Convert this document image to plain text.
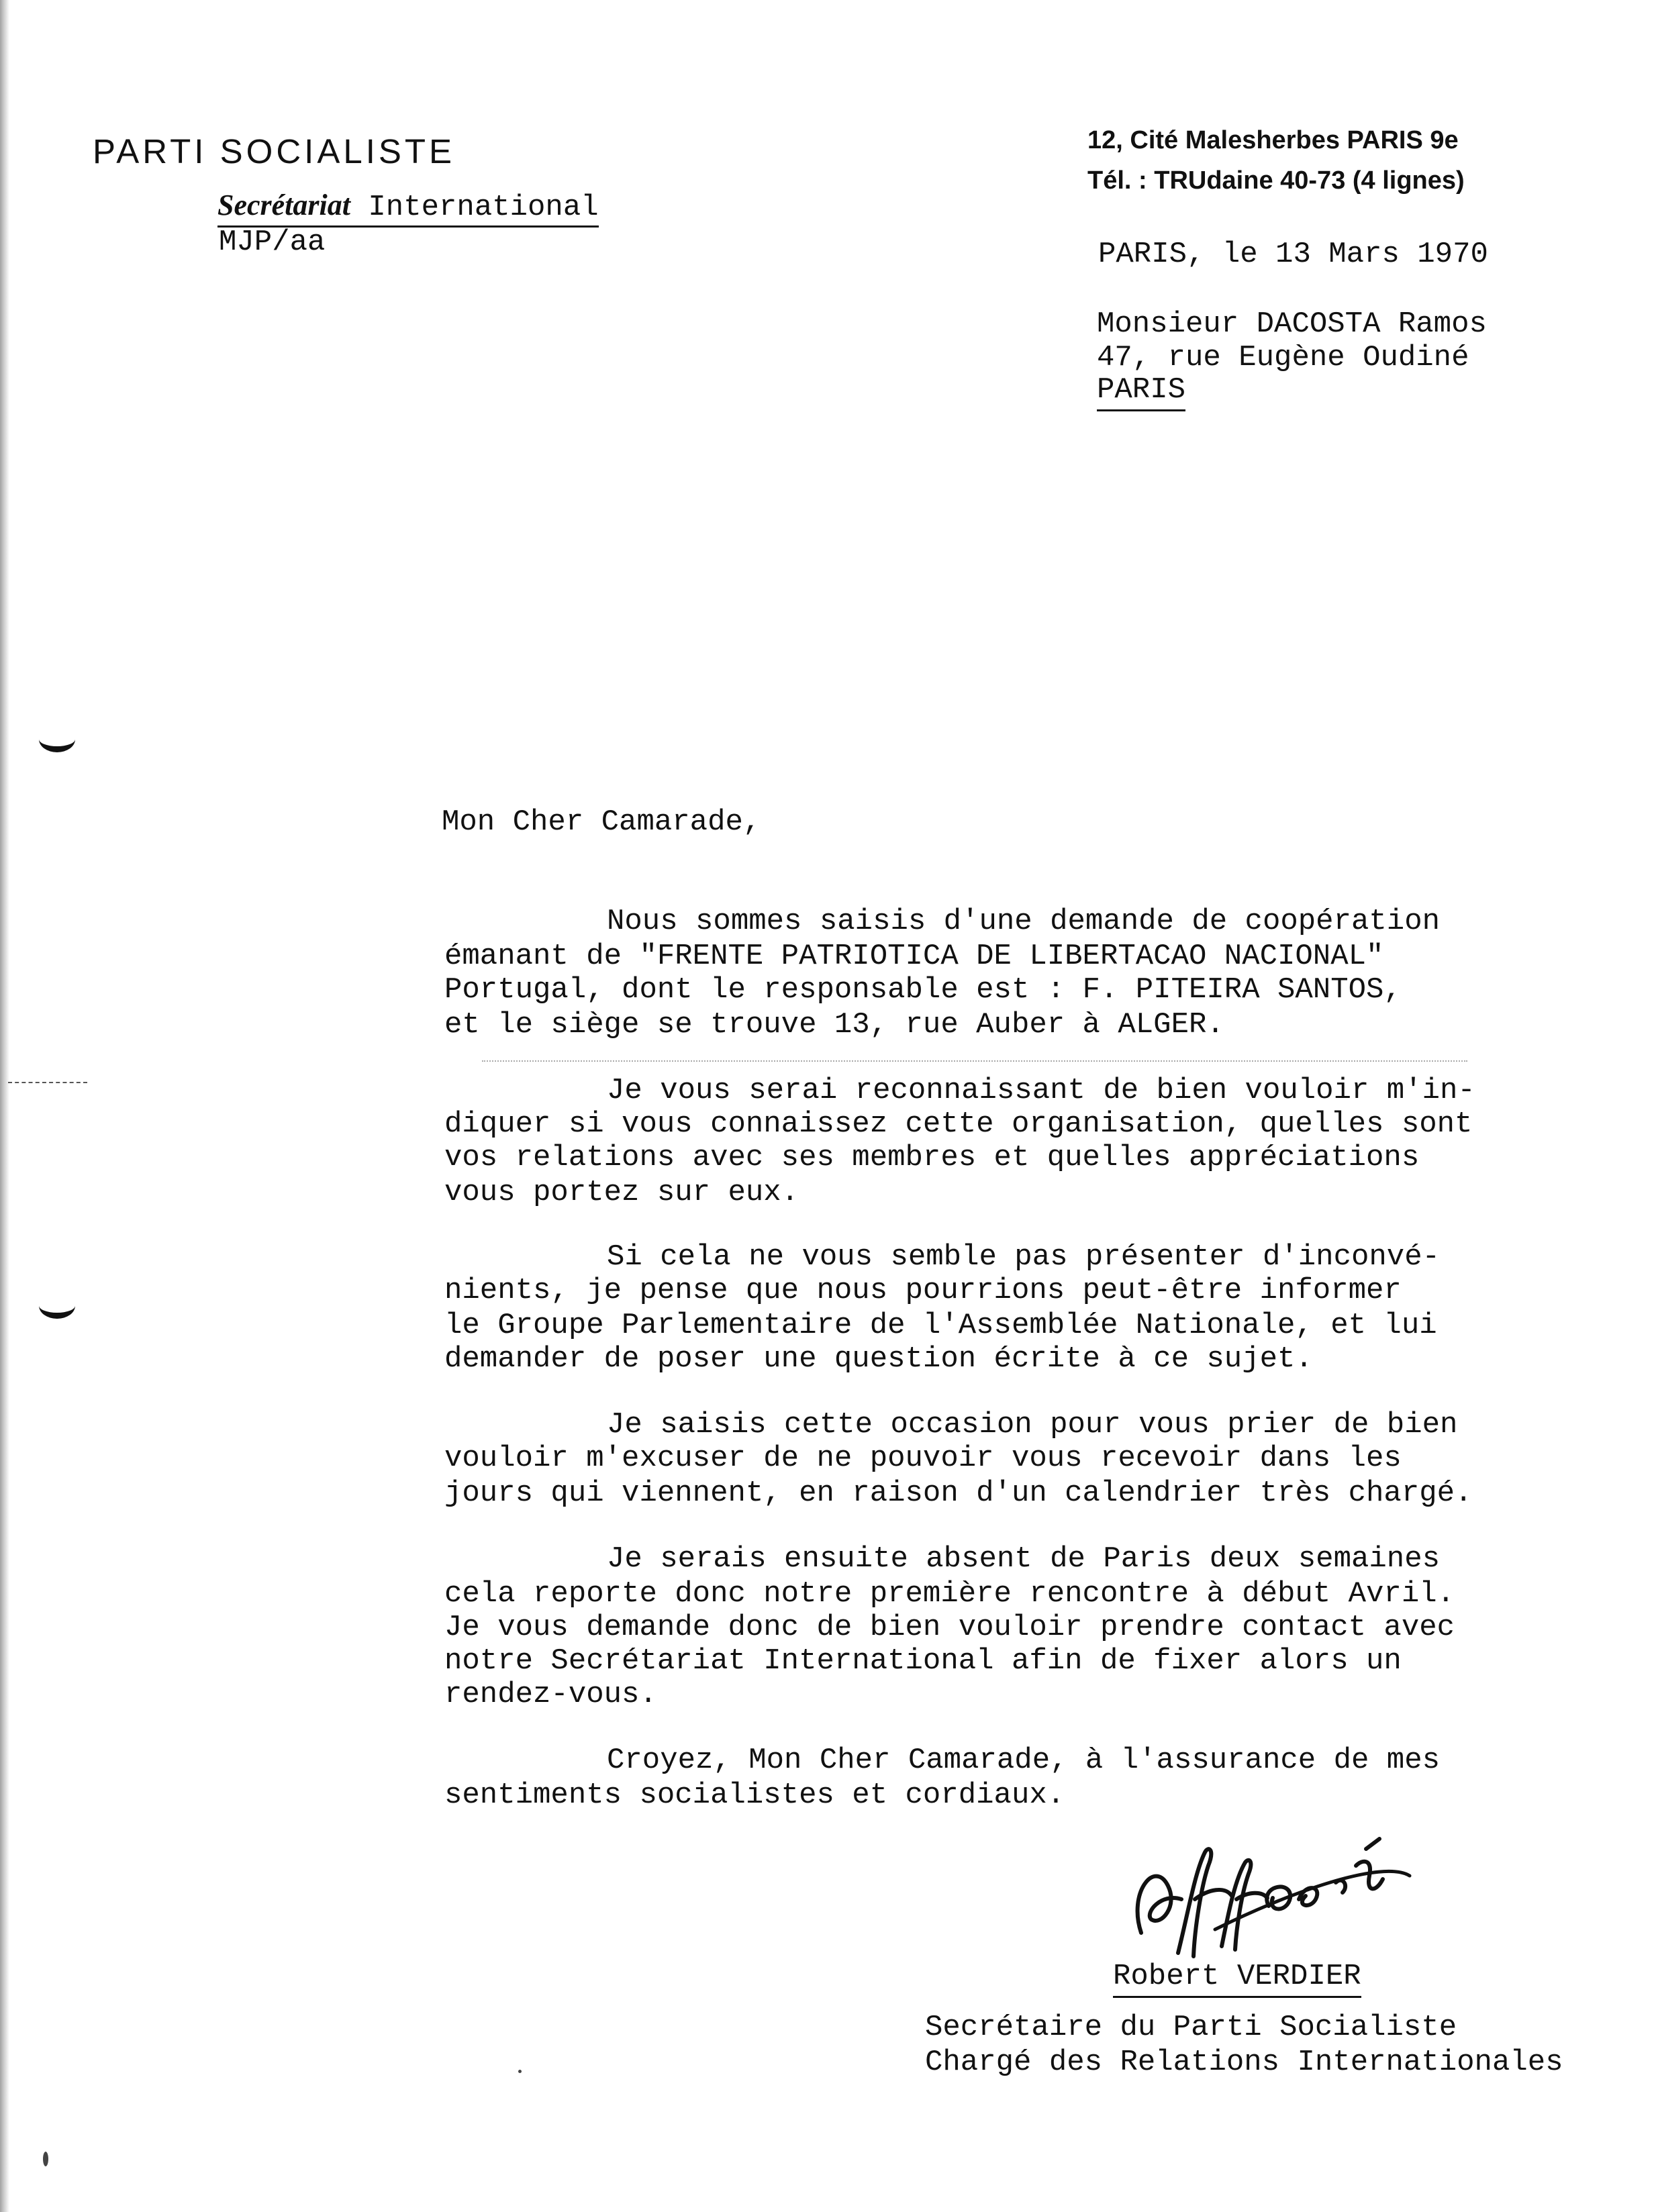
PARTI SOCIALISTE
Secrétariat International
MJP/aa
12, Cité Malesherbes PARIS 9e
Tél. : TRUdaine 40-73 (4 lignes)
PARIS, le 13 Mars 1970
Monsieur DACOSTA Ramos
47, rue Eugène Oudiné
PARIS
Mon Cher Camarade,
Nous sommes saisis d'une demande de coopération
émanant de "FRENTE PATRIOTICA DE LIBERTACAO NACIONAL"
Portugal, dont le responsable est : F. PITEIRA SANTOS,
et le siège se trouve 13, rue Auber à ALGER.
Je vous serai reconnaissant de bien vouloir m'in-
diquer si vous connaissez cette organisation, quelles sont
vos relations avec ses membres et quelles appréciations
vous portez sur eux.
Si cela ne vous semble pas présenter d'inconvé-
nients, je pense que nous pourrions peut-être informer
le Groupe Parlementaire de l'Assemblée Nationale, et lui
demander de poser une question écrite à ce sujet.
Je saisis cette occasion pour vous prier de bien
vouloir m'excuser de ne pouvoir vous recevoir dans les
jours qui viennent, en raison d'un calendrier très chargé.
Je serais ensuite absent de Paris deux semaines
cela reporte donc notre première rencontre à début Avril.
Je vous demande donc de bien vouloir prendre contact avec
notre Secrétariat International afin de fixer alors un
rendez-vous.
Croyez, Mon Cher Camarade, à l'assurance de mes
sentiments socialistes et cordiaux.
Robert VERDIER
Secrétaire du Parti Socialiste
Chargé des Relations Internationales
